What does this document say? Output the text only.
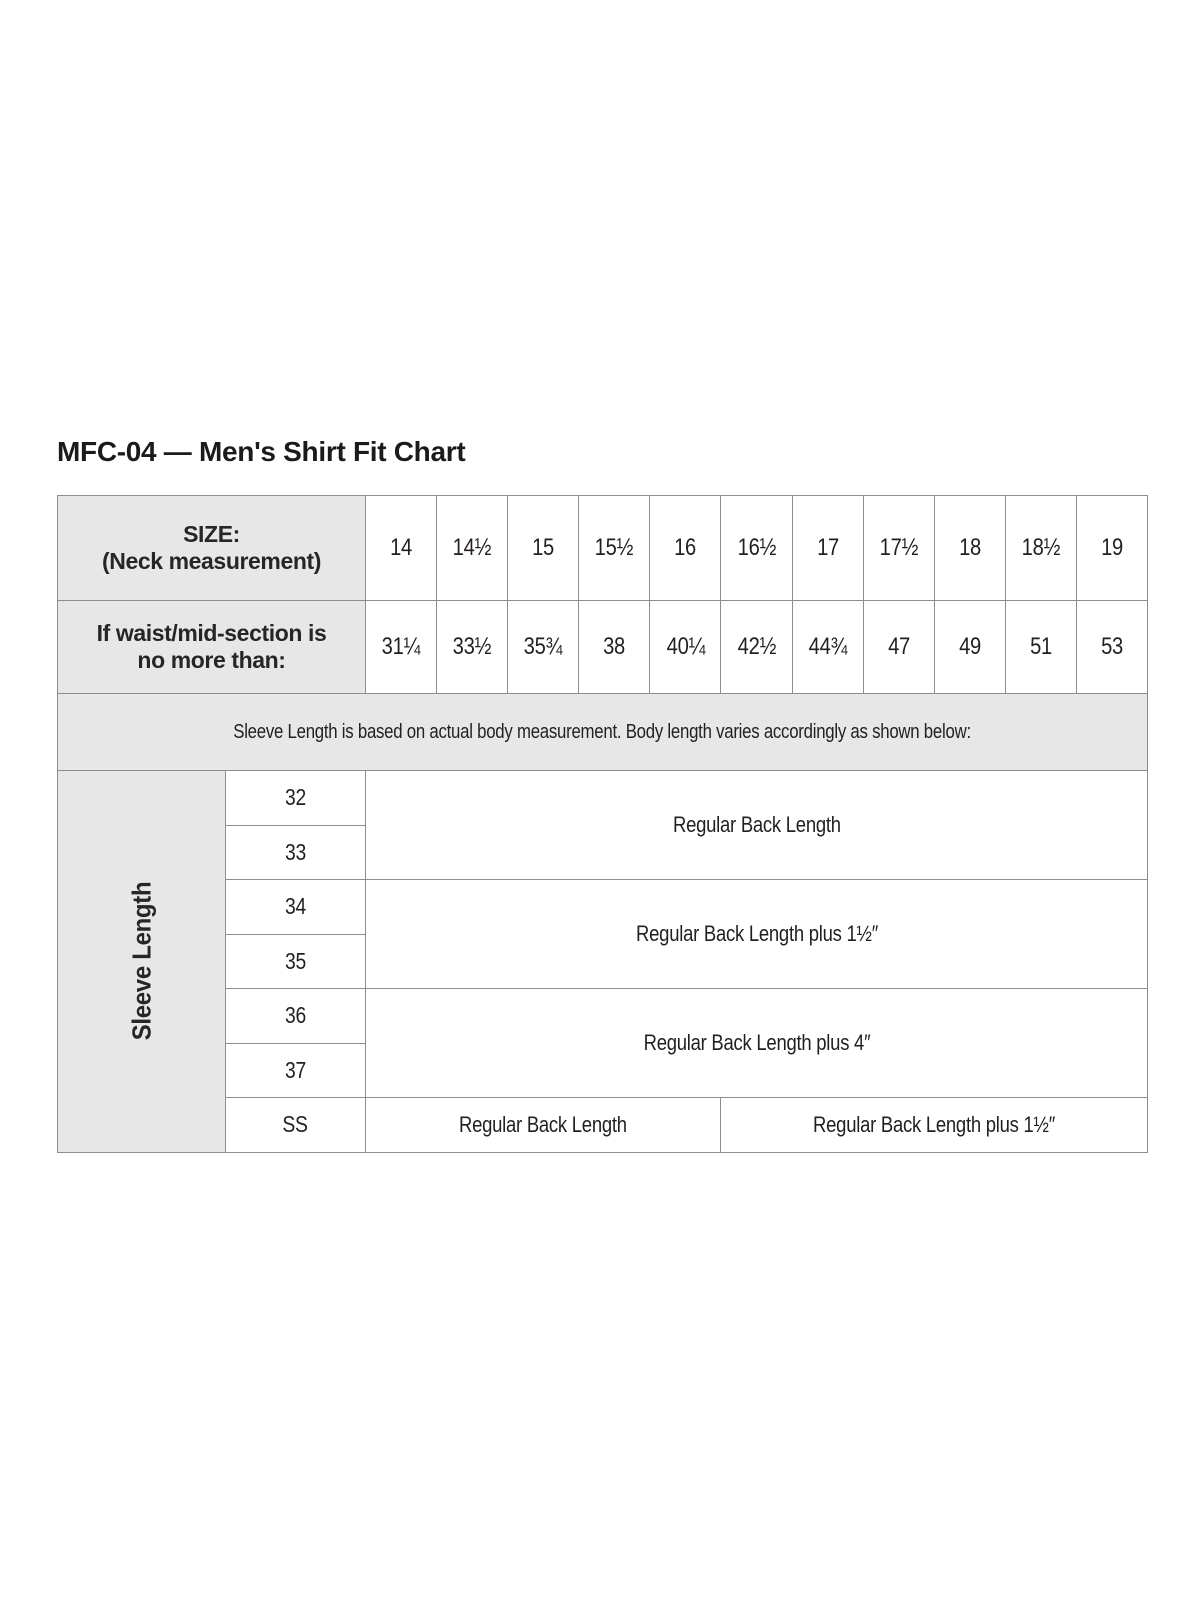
MFC-04 — Men's Shirt Fit Chart
SIZE:
(Neck measurement)		14	14½	15	15½	16	16½	17	17½	18	18½	19

If waist/mid-section is
no more than:		31¼	33½	35¾	38	40¼	42½	44¾	47	49	51	53
Sleeve Length is based on actual body measurement. Body length varies accordingly as shown below:												

Sleeve Length	32	Regular Back Length										
	33											
	34	Regular Back Length plus 1½″										
	35											
	36	Regular Back Length plus 4″										
	37											
	SS	Regular Back Length					Regular Back Length plus 1½″					
